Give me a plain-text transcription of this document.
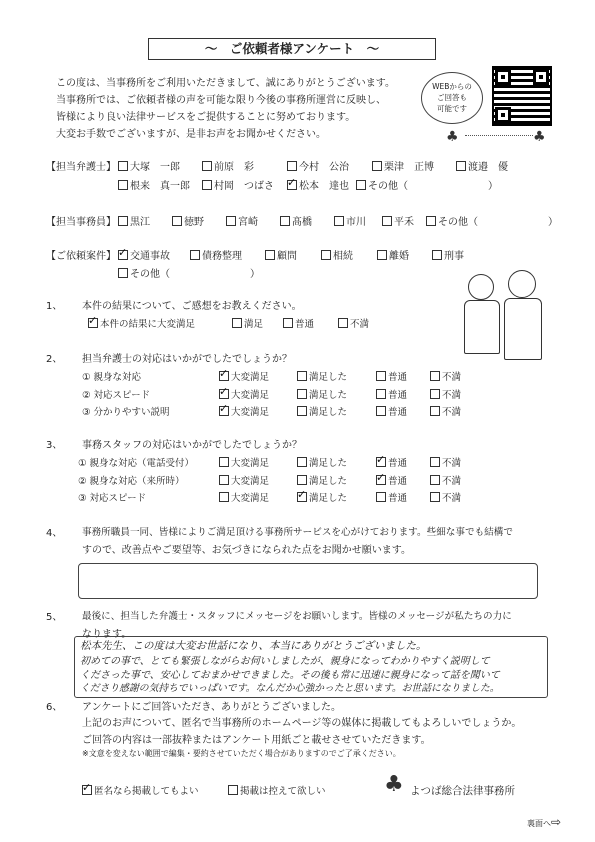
〜　ご依頼者様アンケート　〜
この度は、当事務所をご利用いただきまして、誠にありがとうございます。
当事務所では、ご依頼者様の声を可能な限り今後の事務所運営に反映し、
皆様により良い法律サービスをご提供することに努めております。
大変お手数でございますが、是非お声をお聞かせください。
WEBからの
ご回答も
可能です
♣	♣
【担当弁護士】	大塚　一郎	前原　彩	今村　公治	栗津　正博	渡邉　優
根来　真一郎	村岡　つばさ ✓	松本　達也	その他（　　　　　　　　）
【担当事務員】	黒江	徳野	宮崎	髙橋	市川	平禾	その他（　　　　　　　）
【ご依頼案件】 ✓	交通事故	債務整理	顧問	相続	離婚	刑事
その他（　　　　　　　　）
1、 本件の結果について、ご感想をお教えください。
✓本件の結果に大変満足	満足	普通	不満
2、 担当弁護士の対応はいかがでしたでしょうか？
① 親身な対応 ✓	大変満足	満足した	普通	不満
② 対応スピード ✓	大変満足	満足した	普通	不満
③ 分かりやすい説明 ✓	大変満足	満足した	普通	不満
3、 事務スタッフの対応はいかがでしたでしょうか？
① 親身な対応（電話受付）	大変満足	満足した ✓	普通	不満
② 親身な対応（来所時）	大変満足	満足した ✓	普通	不満
③ 対応スピード	大変満足 ✓	満足した	普通	不満
4、 事務所職員一同、皆様によりご満足頂ける事務所サービスを心がけております。些細な事でも結構で
すので、改善点やご要望等、お気づきになられた点をお聞かせ願います。
5、 最後に、担当した弁護士・スタッフにメッセージをお願いします。皆様のメッセージが私たちの力に
なります。
松本先生、この度は大変お世話になり、本当にありがとうございました。
初めての事で、とても緊張しながらお伺いしましたが、親身になってわかりやすく説明して
くださった事で、安心しておまかせできました。その後も常に迅速に親身になって話を聞いて
くださり感謝の気持ちでいっぱいです。なんだか心強かったと思います。お世話になりました。
6、 アンケートにご回答いただき、ありがとうございました。
上記のお声について、匿名で当事務所のホームページ等の媒体に掲載してもよろしいでしょうか。
ご回答の内容は一部抜粋またはアンケート用紙ごと載せさせていただきます。
※文意を変えない範囲で編集・要約させていただく場合がありますのでご了承ください。
✓匿名なら掲載してもよい	掲載は控えて欲しい	♣ よつば総合法律事務所
裏面へ⇨
